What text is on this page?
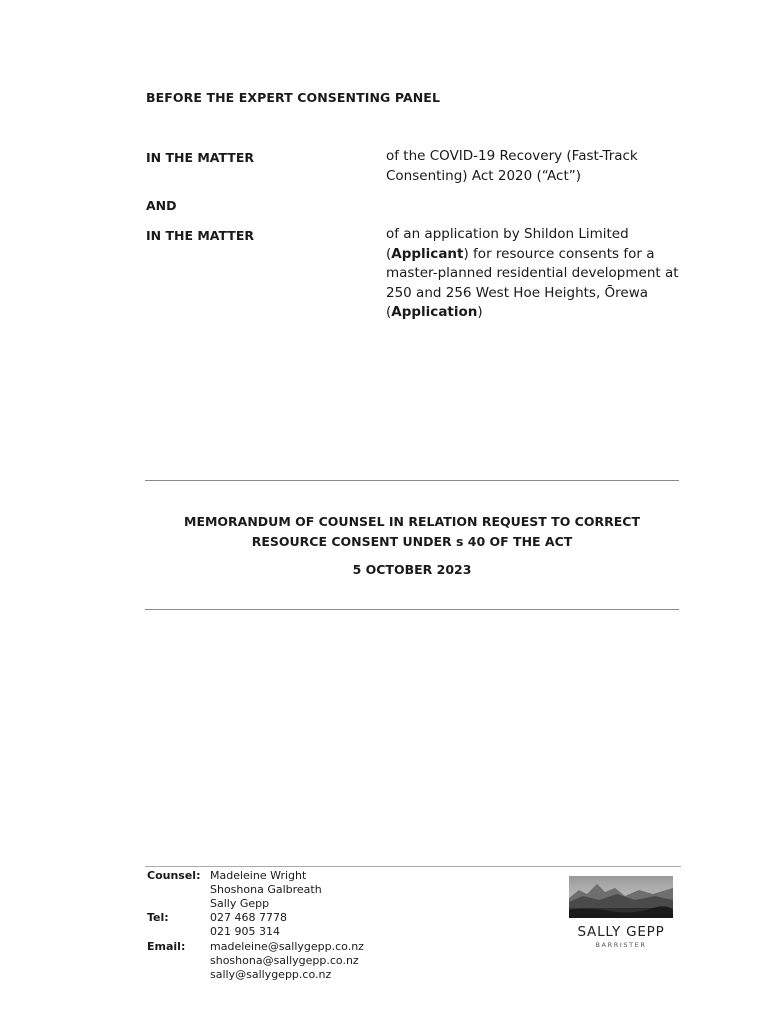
BEFORE THE EXPERT CONSENTING PANEL
IN THE MATTER	of the COVID-19 Recovery (Fast-Track
Consenting) Act 2020 (“Act”)
AND
IN THE MATTER	of an application by Shildon Limited
(Applicant) for resource consents for a
master-planned residential development at
250 and 256 West Hoe Heights, Ōrewa
(Application)
MEMORANDUM OF COUNSEL IN RELATION REQUEST TO CORRECT
RESOURCE CONSENT UNDER s 40 OF THE ACT
5 OCTOBER 2023
Counsel: Madeleine Wright
Shoshona Galbreath
Sally Gepp
Tel:	027 468 7778
021 905 314
Email: madeleine@sallygepp.co.nz
shoshona@sallygepp.co.nz
sally@sallygepp.co.nz
SALLY GEPP
BARRISTER
